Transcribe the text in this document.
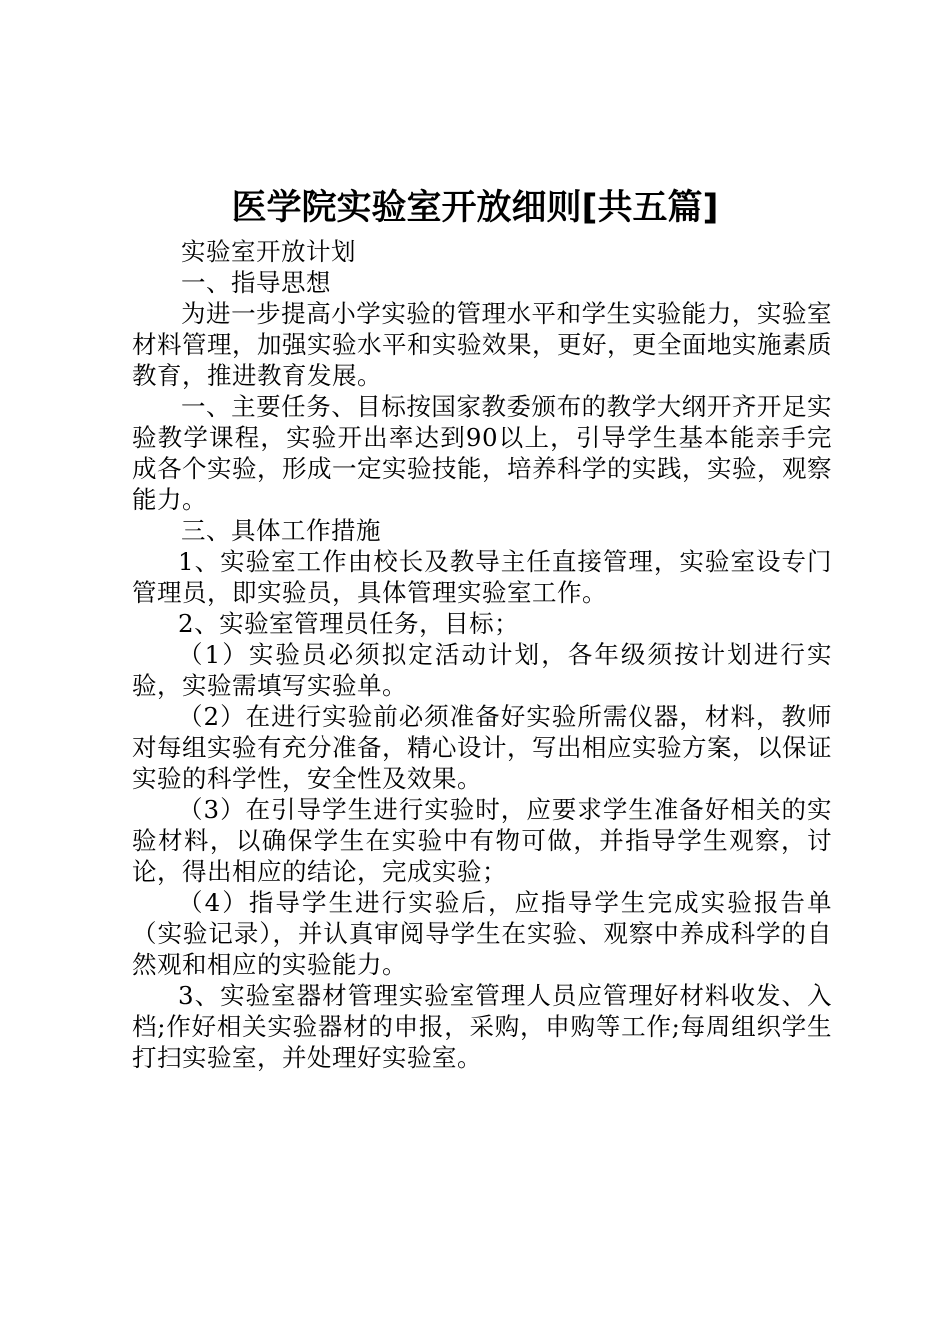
医学院实验室开放细则[共五篇]

实验室开放计划

一、指导思想

为进一步提高小学实验的管理水平和学生实验能力，实验室材料管理，加强实验水平和实验效果，更好，更全面地实施素质教育，推进教育发展。

一、主要任务、目标按国家教委颁布的教学大纲开齐开足实验教学课程，实验开出率达到90以上，引导学生基本能亲手完成各个实验，形成一定实验技能，培养科学的实践，实验，观察能力。

三、具体工作措施

1、实验室工作由校长及教导主任直接管理，实验室设专门管理员，即实验员，具体管理实验室工作。

2、实验室管理员任务，目标；

（1）实验员必须拟定活动计划，各年级须按计划进行实验，实验需填写实验单。

（2）在进行实验前必须准备好实验所需仪器，材料，教师对每组实验有充分准备，精心设计，写出相应实验方案，以保证实验的科学性，安全性及效果。

（3）在引导学生进行实验时，应要求学生准备好相关的实验材料，以确保学生在实验中有物可做，并指导学生观察，讨论，得出相应的结论，完成实验；

（4）指导学生进行实验后，应指导学生完成实验报告单（实验记录），并认真审阅导学生在实验、观察中养成科学的自然观和相应的实验能力。

3、实验室器材管理实验室管理人员应管理好材料收发、入档;作好相关实验器材的申报，采购，申购等工作;每周组织学生打扫实验室，并处理好实验室。
